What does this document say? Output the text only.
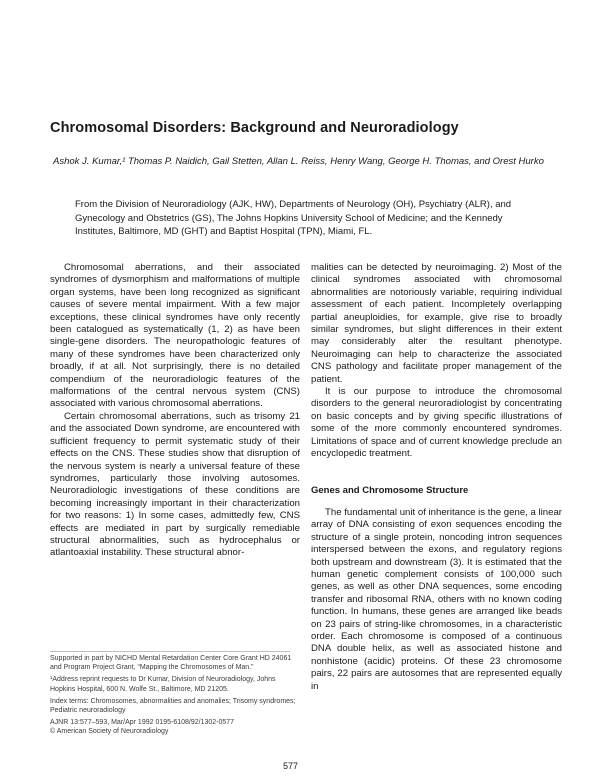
Chromosomal Disorders: Background and Neuroradiology
Ashok J. Kumar,¹ Thomas P. Naidich, Gail Stetten, Allan L. Reiss, Henry Wang, George H. Thomas, and Orest Hurko
From the Division of Neuroradiology (AJK, HW), Departments of Neurology (OH), Psychiatry (ALR), and Gynecology and Obstetrics (GS), The Johns Hopkins University School of Medicine; and the Kennedy Institutes, Baltimore, MD (GHT) and Baptist Hospital (TPN), Miami, FL.

Chromosomal aberrations, and their associated syndromes of dysmorphism and malformations of multiple organ systems, have been long recognized as significant causes of severe mental impairment. With a few major exceptions, these clinical syndromes have only recently been catalogued as systematically (1, 2) as have been single-gene disorders. The neuropathologic features of many of these syndromes have been characterized only broadly, if at all. Not surprisingly, there is no detailed compendium of the neuroradiologic features of the malformations of the central nervous system (CNS) associated with various chromosomal aberrations.

Certain chromosomal aberrations, such as trisomy 21 and the associated Down syndrome, are encountered with sufficient frequency to permit systematic study of their effects on the CNS. These studies show that disruption of the nervous system is nearly a universal feature of these syndromes, particularly those involving autosomes. Neuroradiologic investigations of these conditions are becoming increasingly important in their characterization for two reasons: 1) In some cases, admittedly few, CNS effects are mediated in part by surgically remediable structural abnormalities, such as hydrocephalus or atlantoaxial instability. These structural abnor-

malities can be detected by neuroimaging. 2) Most of the clinical syndromes associated with chromosomal abnormalities are notoriously variable, requiring individual assessment of each patient. Incompletely overlapping partial aneuploidies, for example, give rise to broadly similar syndromes, but slight differences in their extent may considerably alter the resultant phenotype. Neuroimaging can help to characterize the associated CNS pathology and facilitate proper management of the patient.

It is our purpose to introduce the chromosomal disorders to the general neuroradiologist by concentrating on basic concepts and by giving specific illustrations of some of the more commonly encountered syndromes. Limitations of space and of current knowledge preclude an encyclopedic treatment.

Genes and Chromosome Structure

The fundamental unit of inheritance is the gene, a linear array of DNA consisting of exon sequences encoding the structure of a single protein, noncoding intron sequences interspersed between the exons, and regulatory regions both upstream and downstream (3). It is estimated that the human genetic complement consists of 100,000 such genes, as well as other DNA sequences, some encoding transfer and ribosomal RNA, others with no known coding function. In humans, these genes are arranged like beads on 23 pairs of string-like chromosomes, in a characteristic order. Each chromosome is composed of a continuous DNA double helix, as well as associated histone and nonhistone (acidic) proteins. Of these 23 chromosome pairs, 22 pairs are autosomes that are represented equally in

Supported in part by NICHD Mental Retardation Center Core Grant HD 24061 and Program Project Grant, “Mapping the Chromosomes of Man.”

¹Address reprint requests to Dr Kumar, Division of Neuroradiology, Johns Hopkins Hospital, 600 N. Wolfe St., Baltimore, MD 21205.

Index terms: Chromosomes, abnormalities and anomalies; Trisomy syndromes; Pediatric neuroradiology

AJNR 13:577–593, Mar/Apr 1992 0195-6108/92/1302-0577

© American Society of Neuroradiology

577
